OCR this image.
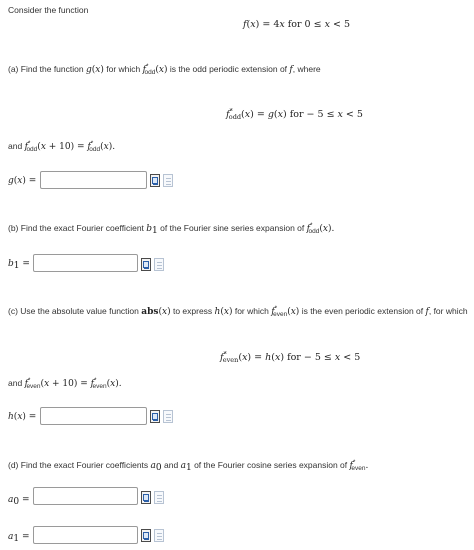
Consider the function
f(x) = 4x for 0 ≤ x < 5
(a) Find the function g(x) for which $f^*_{odd}(x)$ is the odd periodic extension of f, where
$f^*_{odd}(x) = g(x)$ for − 5 ≤ x < 5
and $f^*_{odd}(x + 10) = f^*_{odd}(x)$.
g(x) =
(b) Find the exact Fourier coefficient $b_1$ of the Fourier sine series expansion of $f^*_{odd}(x)$.
$b_1$ =
(c) Use the absolute value function abs(x) to express h(x) for which $f^*_{even}(x)$ is the even periodic extension of f, for which
$f^*_{even}(x) = h(x)$ for − 5 ≤ x < 5
and $f^*_{even}(x + 10) = f^*_{even}(x)$.
h(x) =
(d) Find the exact Fourier coefficients $a_0$ and $a_1$ of the Fourier cosine series expansion of $f^*_{even}$.
$a_0$ =
$a_1$ =
